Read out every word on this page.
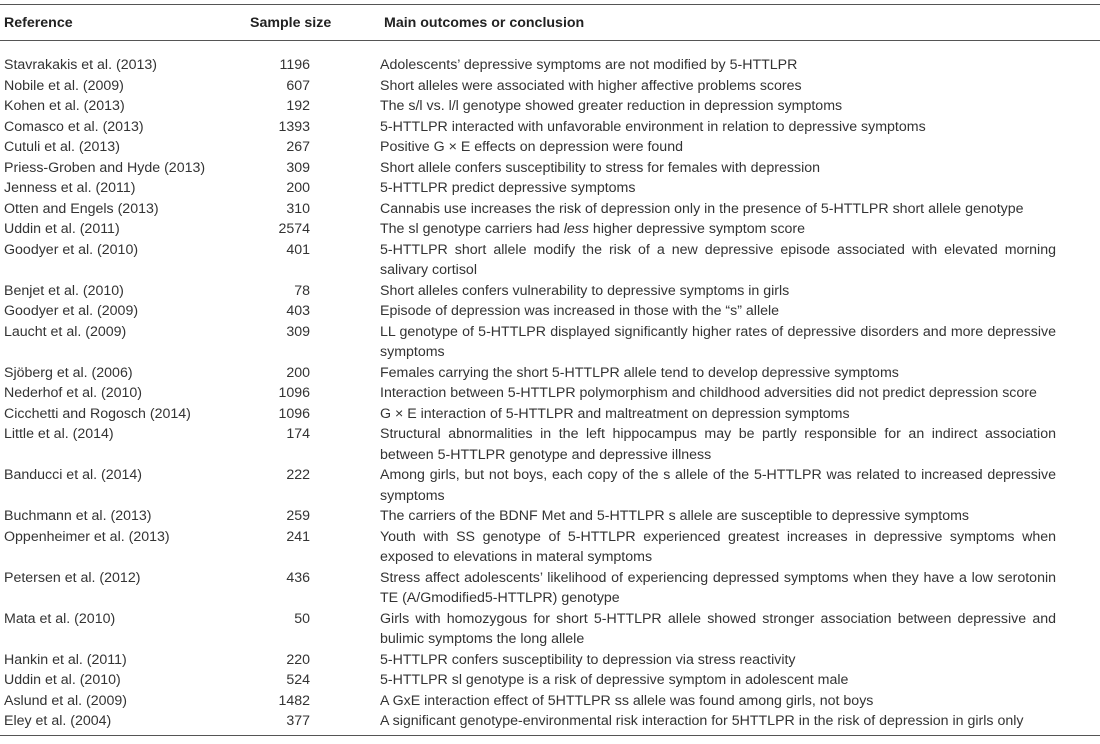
Reference	Sample size	Main outcomes or conclusion
Stavrakakis et al. (2013)	1196	Adolescents’ depressive symptoms are not modified by 5-HTTLPR
Nobile et al. (2009)	607	Short alleles were associated with higher affective problems scores
Kohen et al. (2013)	192	The s/l vs. l/l genotype showed greater reduction in depression symptoms
Comasco et al. (2013)	1393	5-HTTLPR interacted with unfavorable environment in relation to depressive symptoms
Cutuli et al. (2013)	267	Positive G × E effects on depression were found
Priess-Groben and Hyde (2013)	309	Short allele confers susceptibility to stress for females with depression
Jenness et al. (2011)	200	5-HTTLPR predict depressive symptoms
Otten and Engels (2013)	310	Cannabis use increases the risk of depression only in the presence of 5-HTTLPR short allele genotype
Uddin et al. (2011)	2574	The sl genotype carriers had less higher depressive symptom score
Goodyer et al. (2010)	401	5-HTTLPR short allele modify the risk of a new depressive episode associated with elevated morning salivary cortisol
Benjet et al. (2010)	78	Short alleles confers vulnerability to depressive symptoms in girls
Goodyer et al. (2009)	403	Episode of depression was increased in those with the “s” allele
Laucht et al. (2009)	309	LL genotype of 5-HTTLPR displayed significantly higher rates of depressive disorders and more depressive symptoms
Sjöberg et al. (2006)	200	Females carrying the short 5-HTTLPR allele tend to develop depressive symptoms
Nederhof et al. (2010)	1096	Interaction between 5-HTTLPR polymorphism and childhood adversities did not predict depression score
Cicchetti and Rogosch (2014)	1096	G × E interaction of 5-HTTLPR and maltreatment on depression symptoms
Little et al. (2014)	174	Structural abnormalities in the left hippocampus may be partly responsible for an indirect association between 5-HTTLPR genotype and depressive illness
Banducci et al. (2014)	222	Among girls, but not boys, each copy of the s allele of the 5-HTTLPR was related to increased depressive symptoms
Buchmann et al. (2013)	259	The carriers of the BDNF Met and 5-HTTLPR s allele are susceptible to depressive symptoms
Oppenheimer et al. (2013)	241	Youth with SS genotype of 5-HTTLPR experienced greatest increases in depressive symptoms when exposed to elevations in materal symptoms
Petersen et al. (2012)	436	Stress affect adolescents’ likelihood of experiencing depressed symptoms when they have a low serotonin TE (A/Gmodified5-HTTLPR) genotype
Mata et al. (2010)	50	Girls with homozygous for short 5-HTTLPR allele showed stronger association between depressive and bulimic symptoms the long allele
Hankin et al. (2011)	220	5-HTTLPR confers susceptibility to depression via stress reactivity
Uddin et al. (2010)	524	5-HTTLPR sl genotype is a risk of depressive symptom in adolescent male
Aslund et al. (2009)	1482	A GxE interaction effect of 5HTTLPR ss allele was found among girls, not boys
Eley et al. (2004)	377	A significant genotype-environmental risk interaction for 5HTTLPR in the risk of depression in girls only
